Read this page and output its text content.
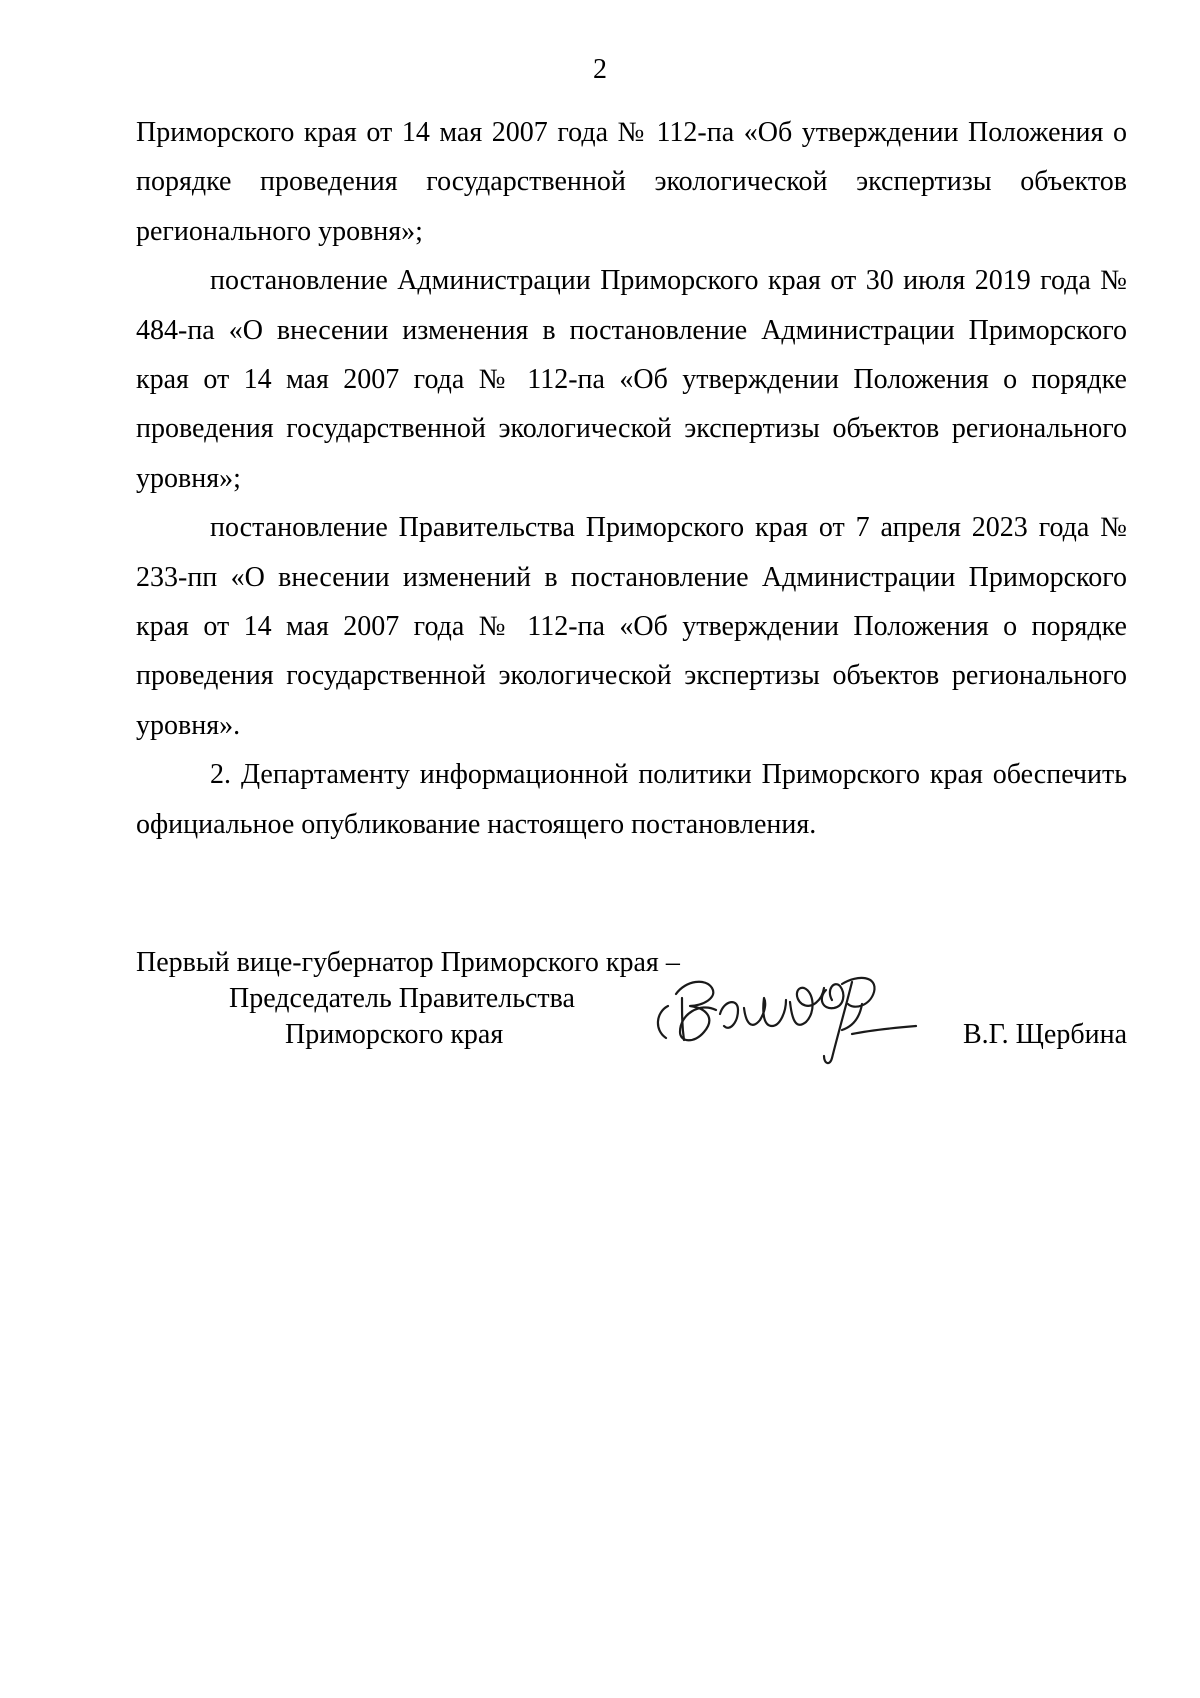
2

Приморского края от 14 мая 2007 года № 112-па «Об утверждении Положения о порядке проведения государственной экологической экспертизы объектов регионального уровня»;

постановление Администрации Приморского края от 30 июля 2019 года № 484-па «О внесении изменения в постановление Администрации Приморского края от 14 мая 2007 года № 112-па «Об утверждении Положения о порядке проведения государственной экологической экспертизы объектов регионального уровня»;

постановление Правительства Приморского края от 7 апреля 2023 года № 233-пп «О внесении изменений в постановление Администрации Приморского края от 14 мая 2007 года № 112-па «Об утверждении Положения о порядке проведения государственной экологической экспертизы объектов регионального уровня».

2. Департаменту информационной политики Приморского края обеспечить официальное опубликование настоящего постановления.

Первый вице-губернатор Приморского края –
Председатель Правительства
Приморского края	В.Г. Щербина
